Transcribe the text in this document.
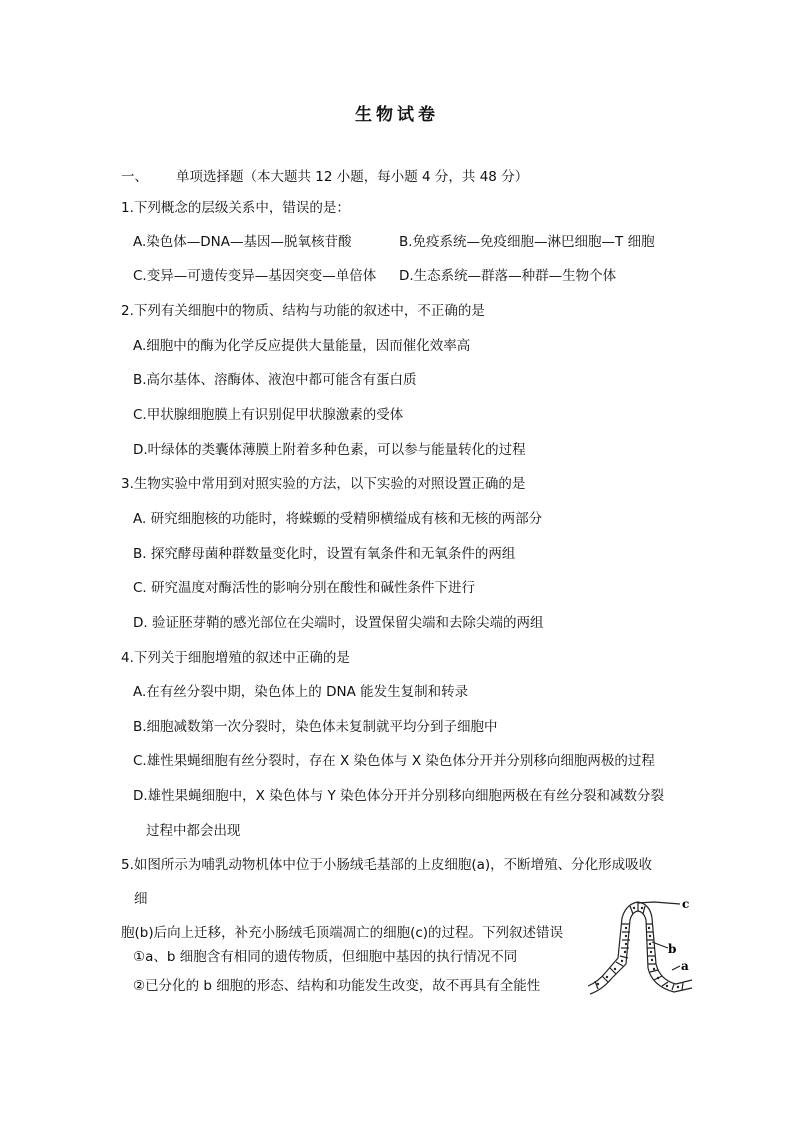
生物试卷
一、 单项选择题（本大题共 12 小题，每小题 4 分，共 48 分）
1.下列概念的层级关系中，错误的是：
A.染色体—DNA—基因—脱氧核苷酸	B.免疫系统—免疫细胞—淋巴细胞—T 细胞
C.变异—可遗传变异—基因突变—单倍体 D.生态系统—群落—种群—生物个体
2.下列有关细胞中的物质、结构与功能的叙述中，不正确的是
A.细胞中的酶为化学反应提供大量能量，因而催化效率高
B.高尔基体、溶酶体、液泡中都可能含有蛋白质
C.甲状腺细胞膜上有识别促甲状腺激素的受体
D.叶绿体的类囊体薄膜上附着多种色素，可以参与能量转化的过程
3.生物实验中常用到对照实验的方法，以下实验的对照设置正确的是
A. 研究细胞核的功能时，将蝾螈的受精卵横缢成有核和无核的两部分
B. 探究酵母菌种群数量变化时，设置有氧条件和无氧条件的两组
C. 研究温度对酶活性的影响分别在酸性和碱性条件下进行
D. 验证胚芽鞘的感光部位在尖端时，设置保留尖端和去除尖端的两组
4.下列关于细胞增殖的叙述中正确的是
A.在有丝分裂中期，染色体上的 DNA 能发生复制和转录
B.细胞减数第一次分裂时，染色体未复制就平均分到子细胞中
C.雄性果蝇细胞有丝分裂时，存在 X 染色体与 X 染色体分开并分别移向细胞两极的过程
D.雄性果蝇细胞中，X 染色体与 Y 染色体分开并分别移向细胞两极在有丝分裂和减数分裂
过程中都会出现
5.如图所示为哺乳动物机体中位于小肠绒毛基部的上皮细胞(a)，不断增殖、分化形成吸收
细
胞(b)后向上迁移，补充小肠绒毛顶端凋亡的细胞(c)的过程。下列叙述错误
①a、b 细胞含有相同的遗传物质，但细胞中基因的执行情况不同
②已分化的 b 细胞的形态、结构和功能发生改变，故不再具有全能性
c
b
a
